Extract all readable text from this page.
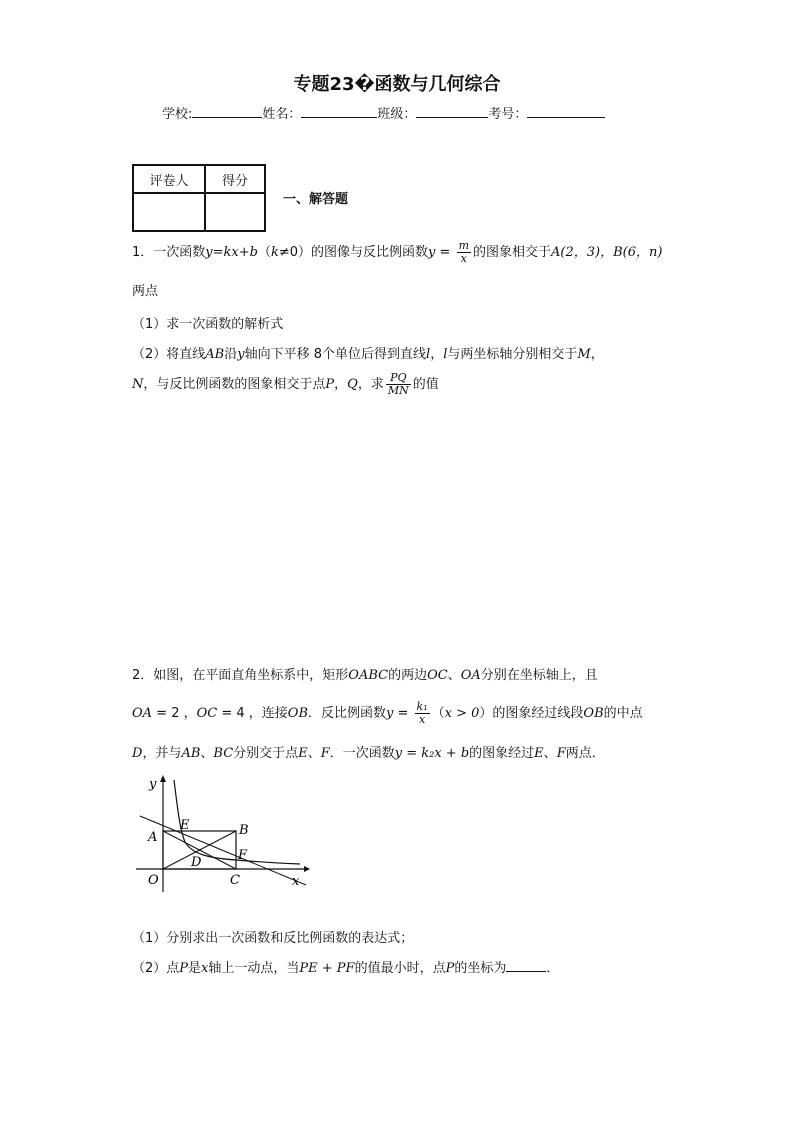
专题23�函数与几何综合
学校:	姓名：	班级：	考号：
评卷人	得分

一、解答题
1．一次函数y=kx+b（k≠0）的图像与反比例函数$y = \frac{m}{x}$ 的图象相交于A(2，3)，B(6，n)
两点
（1）求一次函数的解析式
（2）将直线AB沿y轴向下平移 8个单位后得到直线l，l与两坐标轴分别相交于M，
N，与反比例函数的图象相交于点P，Q，求 $\frac{PQ}{MN}$ 的值
2．如图，在平面直角坐标系中，矩形OABC的两边OC、OA分别在坐标轴上，且
OA = 2 ，OC = 4 ，连接OB．反比例函数$y = \frac{\text{k₁}}{x} (x > 0)$的图象经过线段OB的中点
D，并与AB、BC分别交于点E、F．一次函数y = k₂x + b的图象经过E、F两点．
y
x
O
A	B
C
D
E
F
（1）分别求出一次函数和反比例函数的表达式；
（2）点P是x轴上一动点，当PE + PF的值最小时，点P的坐标为	．
